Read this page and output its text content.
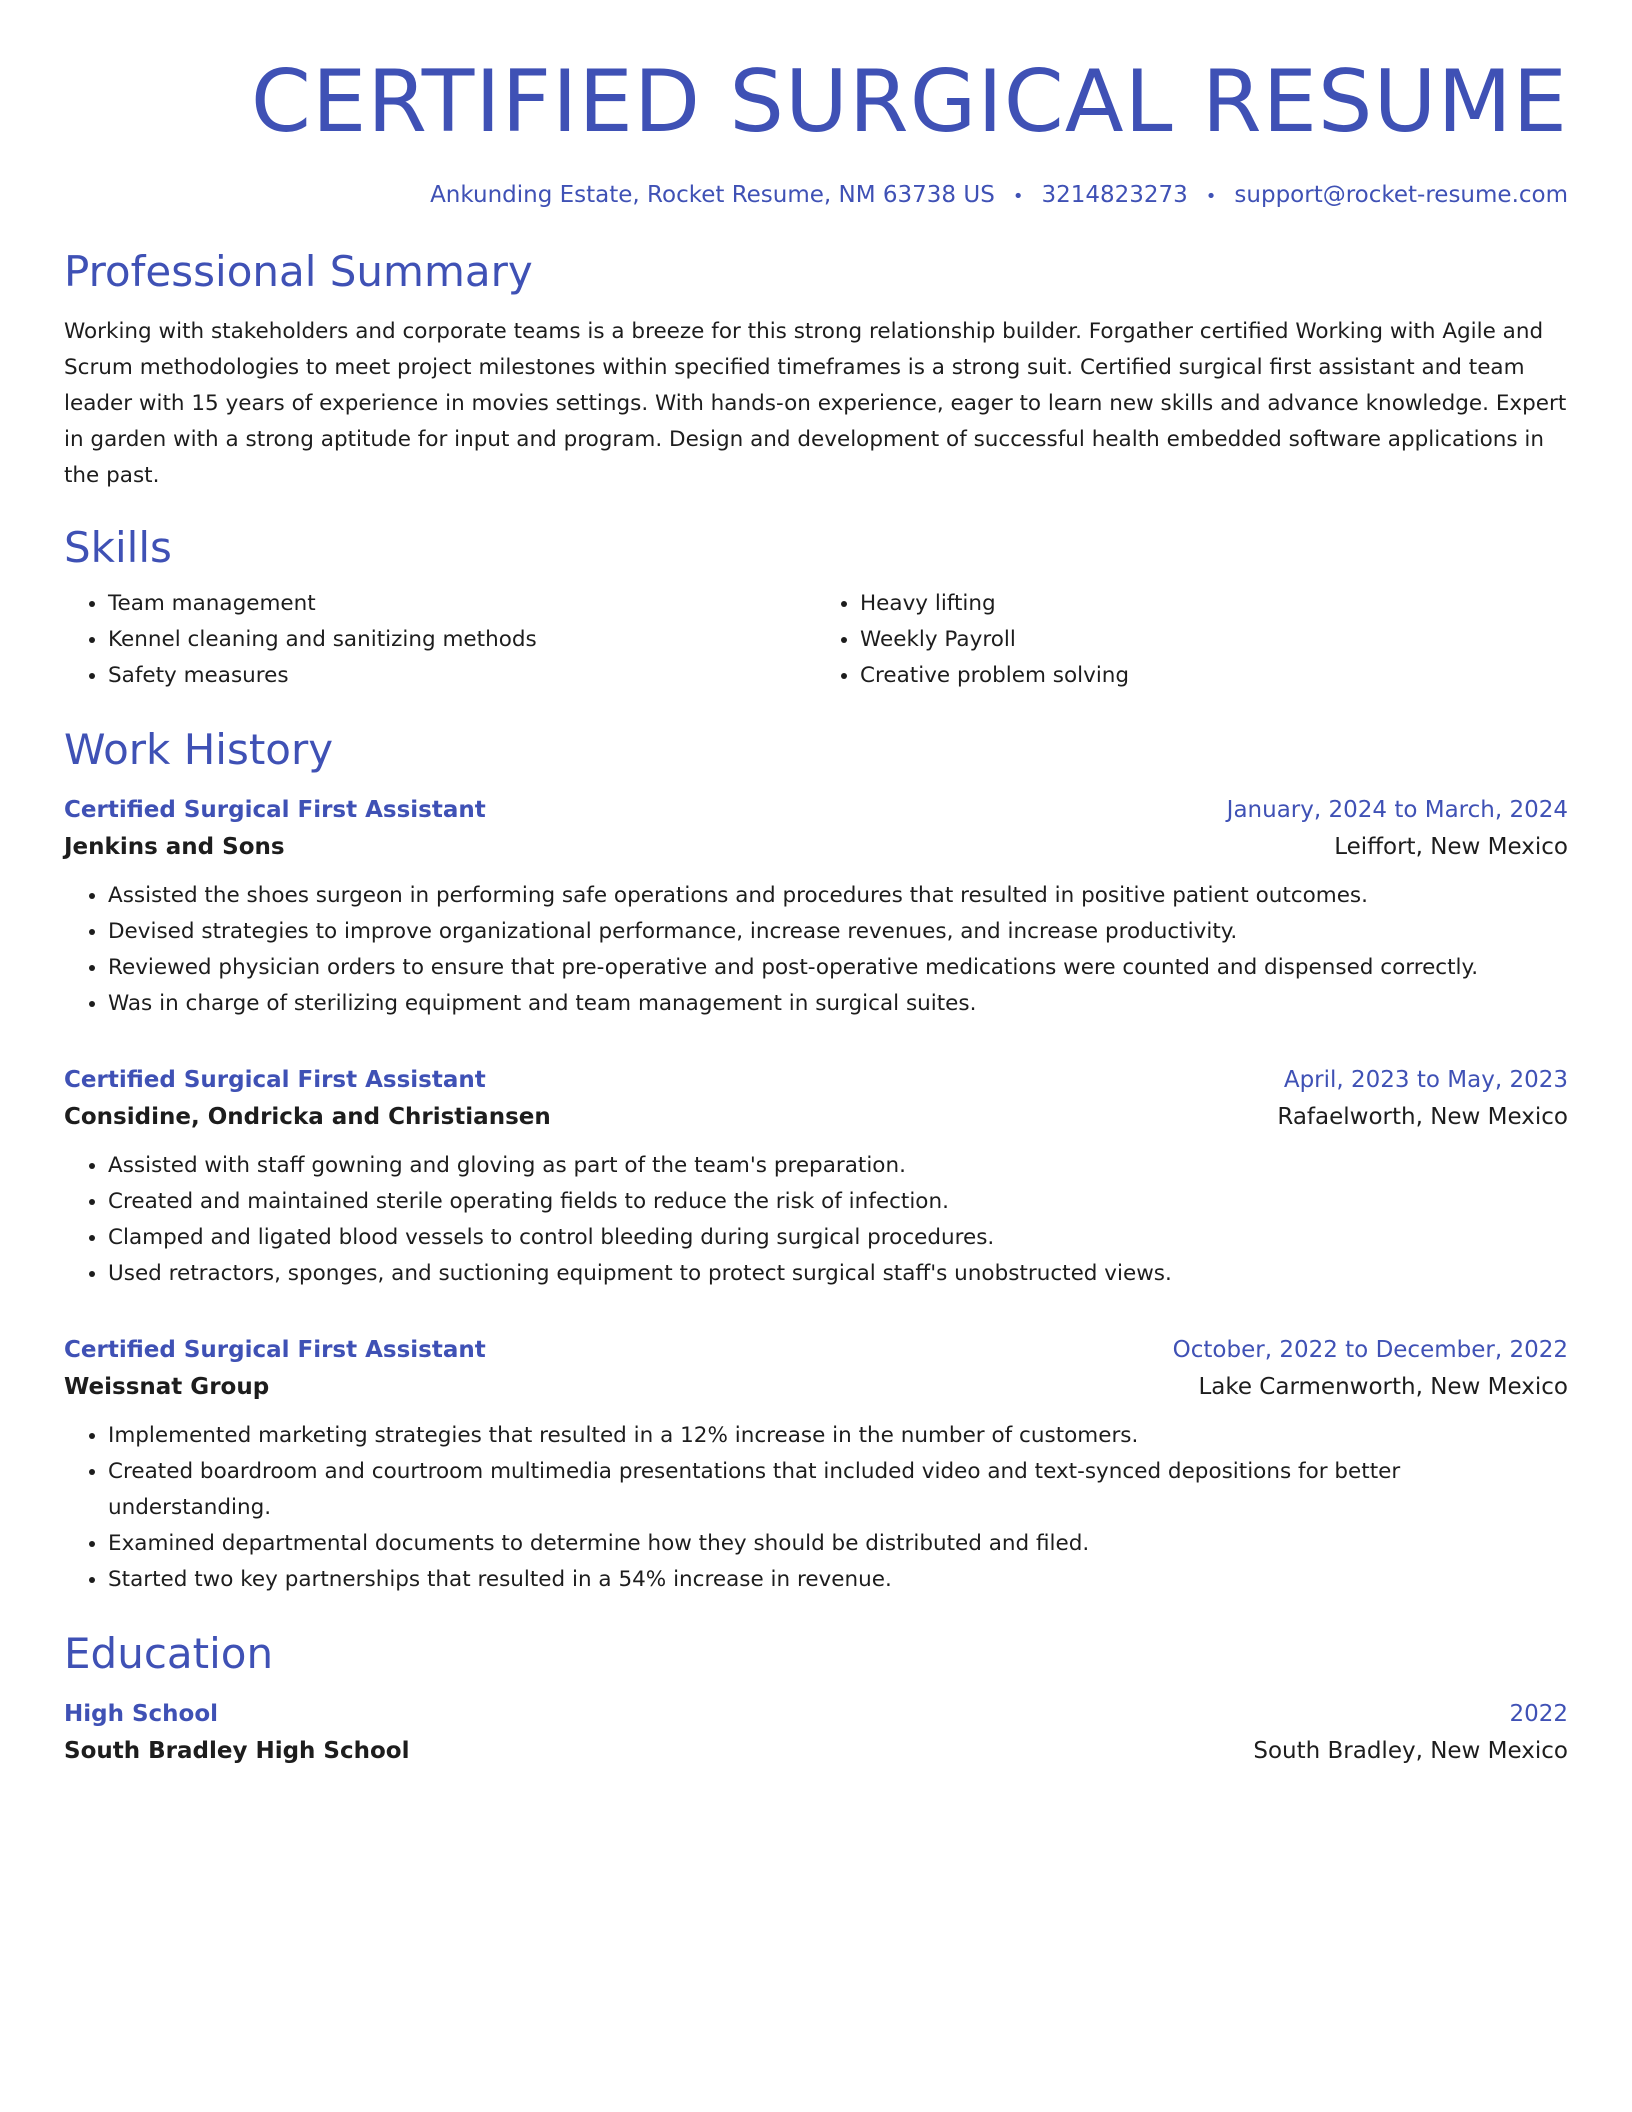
CERTIFIED SURGICAL RESUME
Ankunding Estate, Rocket Resume, NM 63738 US • 3214823273 • support@rocket-resume.com
Professional Summary
Working with stakeholders and corporate teams is a breeze for this strong relationship builder. Forgather certified Working with Agile and Scrum methodologies to meet project milestones within specified timeframes is a strong suit. Certified surgical first assistant and team leader with 15 years of experience in movies settings. With hands-on experience, eager to learn new skills and advance knowledge. Expert in garden with a strong aptitude for input and program. Design and development of successful health embedded software applications in the past.
Skills
• Team management
• Kennel cleaning and sanitizing methods
• Safety measures
• Heavy lifting
• Weekly Payroll
• Creative problem solving
Work History
Certified Surgical First Assistant	January, 2024 to March, 2024
Jenkins and Sons	Leiffort, New Mexico
• Assisted the shoes surgeon in performing safe operations and procedures that resulted in positive patient outcomes.
• Devised strategies to improve organizational performance, increase revenues, and increase productivity.
• Reviewed physician orders to ensure that pre-operative and post-operative medications were counted and dispensed correctly.
• Was in charge of sterilizing equipment and team management in surgical suites.
Certified Surgical First Assistant	April, 2023 to May, 2023
Considine, Ondricka and Christiansen	Rafaelworth, New Mexico
• Assisted with staff gowning and gloving as part of the team's preparation.
• Created and maintained sterile operating fields to reduce the risk of infection.
• Clamped and ligated blood vessels to control bleeding during surgical procedures.
• Used retractors, sponges, and suctioning equipment to protect surgical staff's unobstructed views.
Certified Surgical First Assistant	October, 2022 to December, 2022
Weissnat Group	Lake Carmenworth, New Mexico
• Implemented marketing strategies that resulted in a 12% increase in the number of customers.
• Created boardroom and courtroom multimedia presentations that included video and text-synced depositions for better understanding.
• Examined departmental documents to determine how they should be distributed and filed.
• Started two key partnerships that resulted in a 54% increase in revenue.
Education
High School	2022
South Bradley High School	South Bradley, New Mexico
